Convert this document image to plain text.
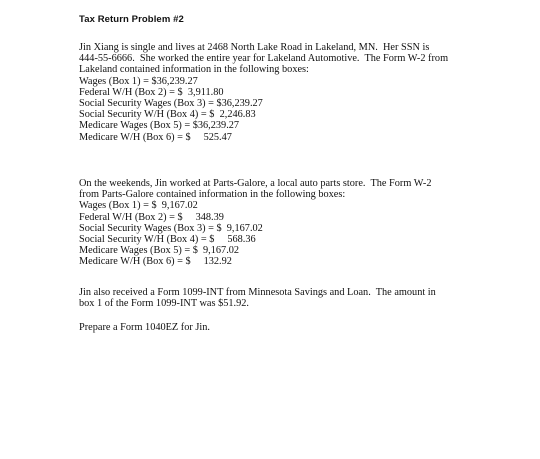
Tax Return Problem #2
Jin Xiang is single and lives at 2468 North Lake Road in Lakeland, MN.  Her SSN is
444-55-6666.  She worked the entire year for Lakeland Automotive.  The Form W-2 from
Lakeland contained information in the following boxes:
Wages (Box 1) = $36,239.27
Federal W/H (Box 2) = $  3,911.80
Social Security Wages (Box 3) = $36,239.27
Social Security W/H (Box 4) = $  2,246.83
Medicare Wages (Box 5) = $36,239.27
Medicare W/H (Box 6) = $     525.47
On the weekends, Jin worked at Parts-Galore, a local auto parts store.  The Form W-2
from Parts-Galore contained information in the following boxes:
Wages (Box 1) = $  9,167.02
Federal W/H (Box 2) = $     348.39
Social Security Wages (Box 3) = $  9,167.02
Social Security W/H (Box 4) = $     568.36
Medicare Wages (Box 5) = $  9,167.02
Medicare W/H (Box 6) = $     132.92
Jin also received a Form 1099-INT from Minnesota Savings and Loan.  The amount in
box 1 of the Form 1099-INT was $51.92.
Prepare a Form 1040EZ for Jin.
